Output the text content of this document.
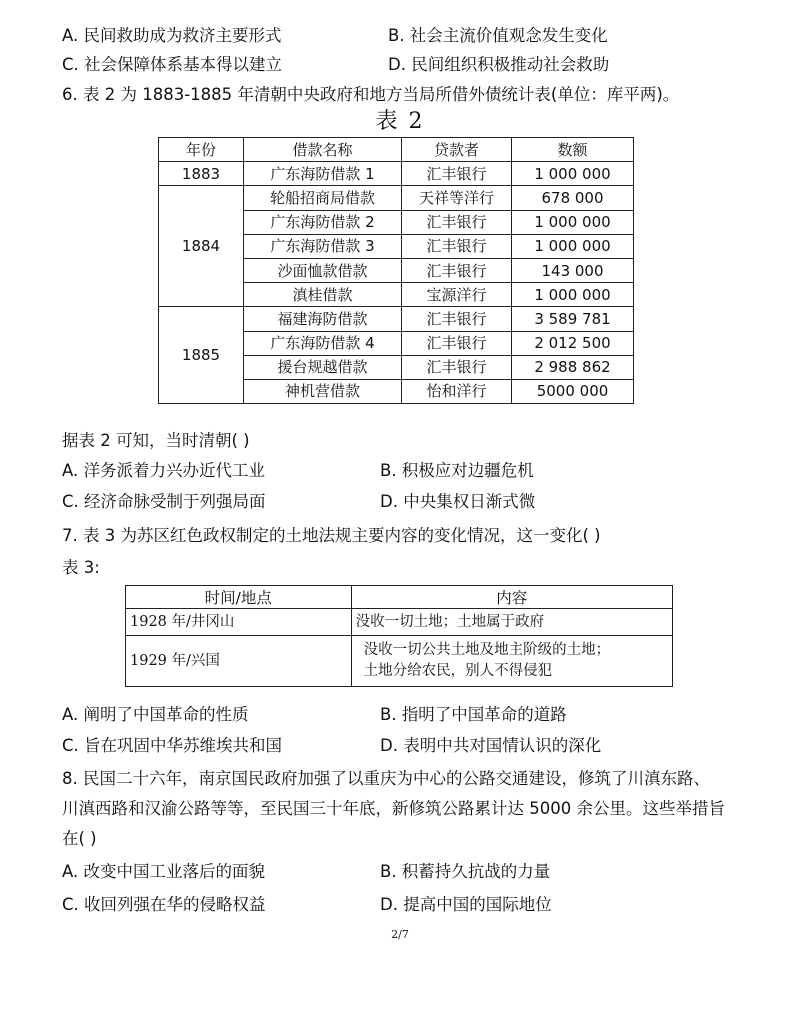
A. 民间救助成为救济主要形式	B. 社会主流价值观念发生变化
C. 社会保障体系基本得以建立	D. 民间组织积极推动社会救助
6. 表 2 为 1883-1885 年清朝中央政府和地方当局所借外债统计表(单位：库平两)。
表 2
年份	借款名称	贷款者	数额
1883	广东海防借款 1	汇丰银行	1 000 000
1884	轮船招商局借款	天祥等洋行	678 000
	广东海防借款 2	汇丰银行	1 000 000
	广东海防借款 3	汇丰银行	1 000 000
	沙面恤款借款	汇丰银行	143 000
	滇桂借款	宝源洋行	1 000 000
1885	福建海防借款	汇丰银行	3 589 781
	广东海防借款 4	汇丰银行	2 012 500
	援台规越借款	汇丰银行	2 988 862
	神机营借款	怡和洋行	5000 000
据表 2 可知，当时清朝( )
A. 洋务派着力兴办近代工业	B. 积极应对边疆危机
C. 经济命脉受制于列强局面	D. 中央集权日渐式微
7. 表 3 为苏区红色政权制定的土地法规主要内容的变化情况，这一变化( )
表 3:
时间/地点	内容
1928 年/井冈山	没收一切土地；土地属于政府
1929 年/兴国	没收一切公共土地及地主阶级的土地；
土地分给农民，别人不得侵犯
A. 阐明了中国革命的性质	B. 指明了中国革命的道路
C. 旨在巩固中华苏维埃共和国	D. 表明中共对国情认识的深化
8. 民国二十六年，南京国民政府加强了以重庆为中心的公路交通建设，修筑了川滇东路、
川滇西路和汉渝公路等等，至民国三十年底，新修筑公路累计达 5000 余公里。这些举措旨
在( )
A. 改变中国工业落后的面貌	B. 积蓄持久抗战的力量
C. 收回列强在华的侵略权益	D. 提高中国的国际地位
2/7
